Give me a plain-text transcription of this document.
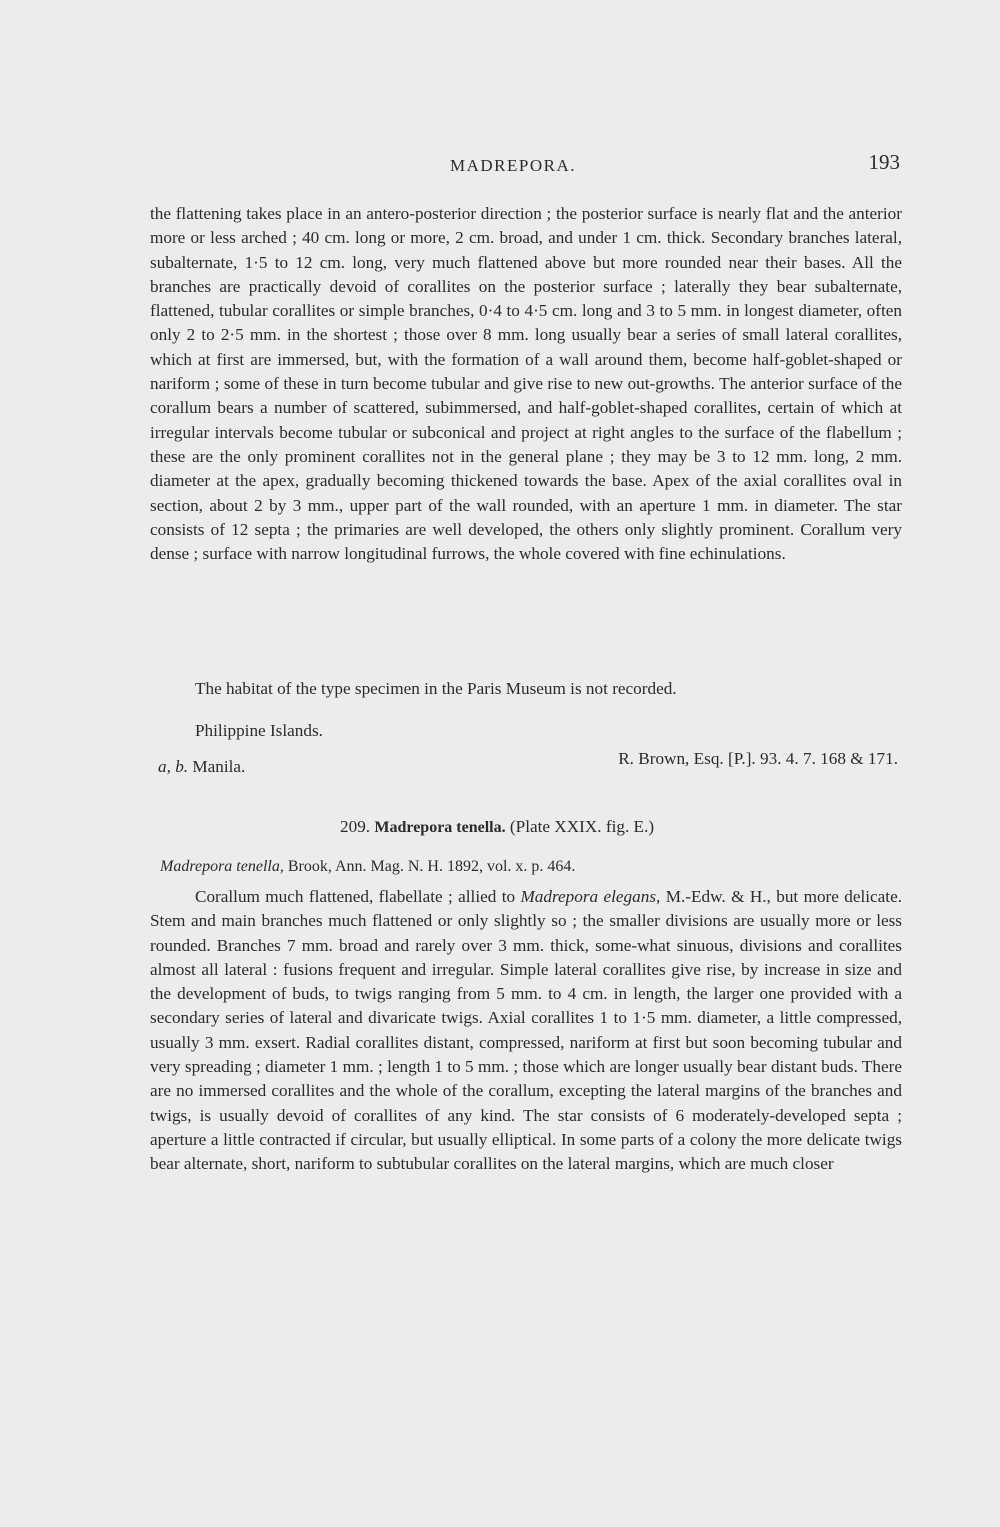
MADREPORA.	193

the flattening takes place in an antero-posterior direction ; the posterior surface is nearly flat and the anterior more or less arched ; 40 cm. long or more, 2 cm. broad, and under 1 cm. thick. Secondary branches lateral, subalternate, 1·5 to 12 cm. long, very much flattened above but more rounded near their bases. All the branches are practically devoid of corallites on the posterior surface ; laterally they bear subalternate, flattened, tubular corallites or simple branches, 0·4 to 4·5 cm. long and 3 to 5 mm. in longest diameter, often only 2 to 2·5 mm. in the shortest ; those over 8 mm. long usually bear a series of small lateral corallites, which at first are immersed, but, with the formation of a wall around them, become half-goblet-shaped or nariform ; some of these in turn become tubular and give rise to new out-growths. The anterior surface of the corallum bears a number of scattered, subimmersed, and half-goblet-shaped corallites, certain of which at irregular intervals become tubular or subconical and project at right angles to the surface of the flabellum ; these are the only prominent corallites not in the general plane ; they may be 3 to 12 mm. long, 2 mm. diameter at the apex, gradually becoming thickened towards the base. Apex of the axial corallites oval in section, about 2 by 3 mm., upper part of the wall rounded, with an aperture 1 mm. in diameter. The star consists of 12 septa ; the primaries are well developed, the others only slightly prominent. Corallum very dense ; surface with narrow longitudinal furrows, the whole covered with fine echinulations.

The habitat of the type specimen in the Paris Museum is not recorded.
Philippine Islands.
a, b. Manila.	R. Brown, Esq. [P.]. 93. 4. 7. 168 & 171.
209. Madrepora tenella. (Plate XXIX. fig. E.)
Madrepora tenella, Brook, Ann. Mag. N. H. 1892, vol. x. p. 464.

Corallum much flattened, flabellate ; allied to Madrepora elegans, M.-Edw. & H., but more delicate. Stem and main branches much flattened or only slightly so ; the smaller divisions are usually more or less rounded. Branches 7 mm. broad and rarely over 3 mm. thick, some-what sinuous, divisions and corallites almost all lateral : fusions frequent and irregular. Simple lateral corallites give rise, by increase in size and the development of buds, to twigs ranging from 5 mm. to 4 cm. in length, the larger one provided with a secondary series of lateral and divaricate twigs. Axial corallites 1 to 1·5 mm. diameter, a little compressed, usually 3 mm. exsert. Radial corallites distant, compressed, nariform at first but soon becoming tubular and very spreading ; diameter 1 mm. ; length 1 to 5 mm. ; those which are longer usually bear distant buds. There are no immersed corallites and the whole of the corallum, excepting the lateral margins of the branches and twigs, is usually devoid of corallites of any kind. The star consists of 6 moderately-developed septa ; aperture a little contracted if circular, but usually elliptical. In some parts of a colony the more delicate twigs bear alternate, short, nariform to subtubular corallites on the lateral margins, which are much closer
